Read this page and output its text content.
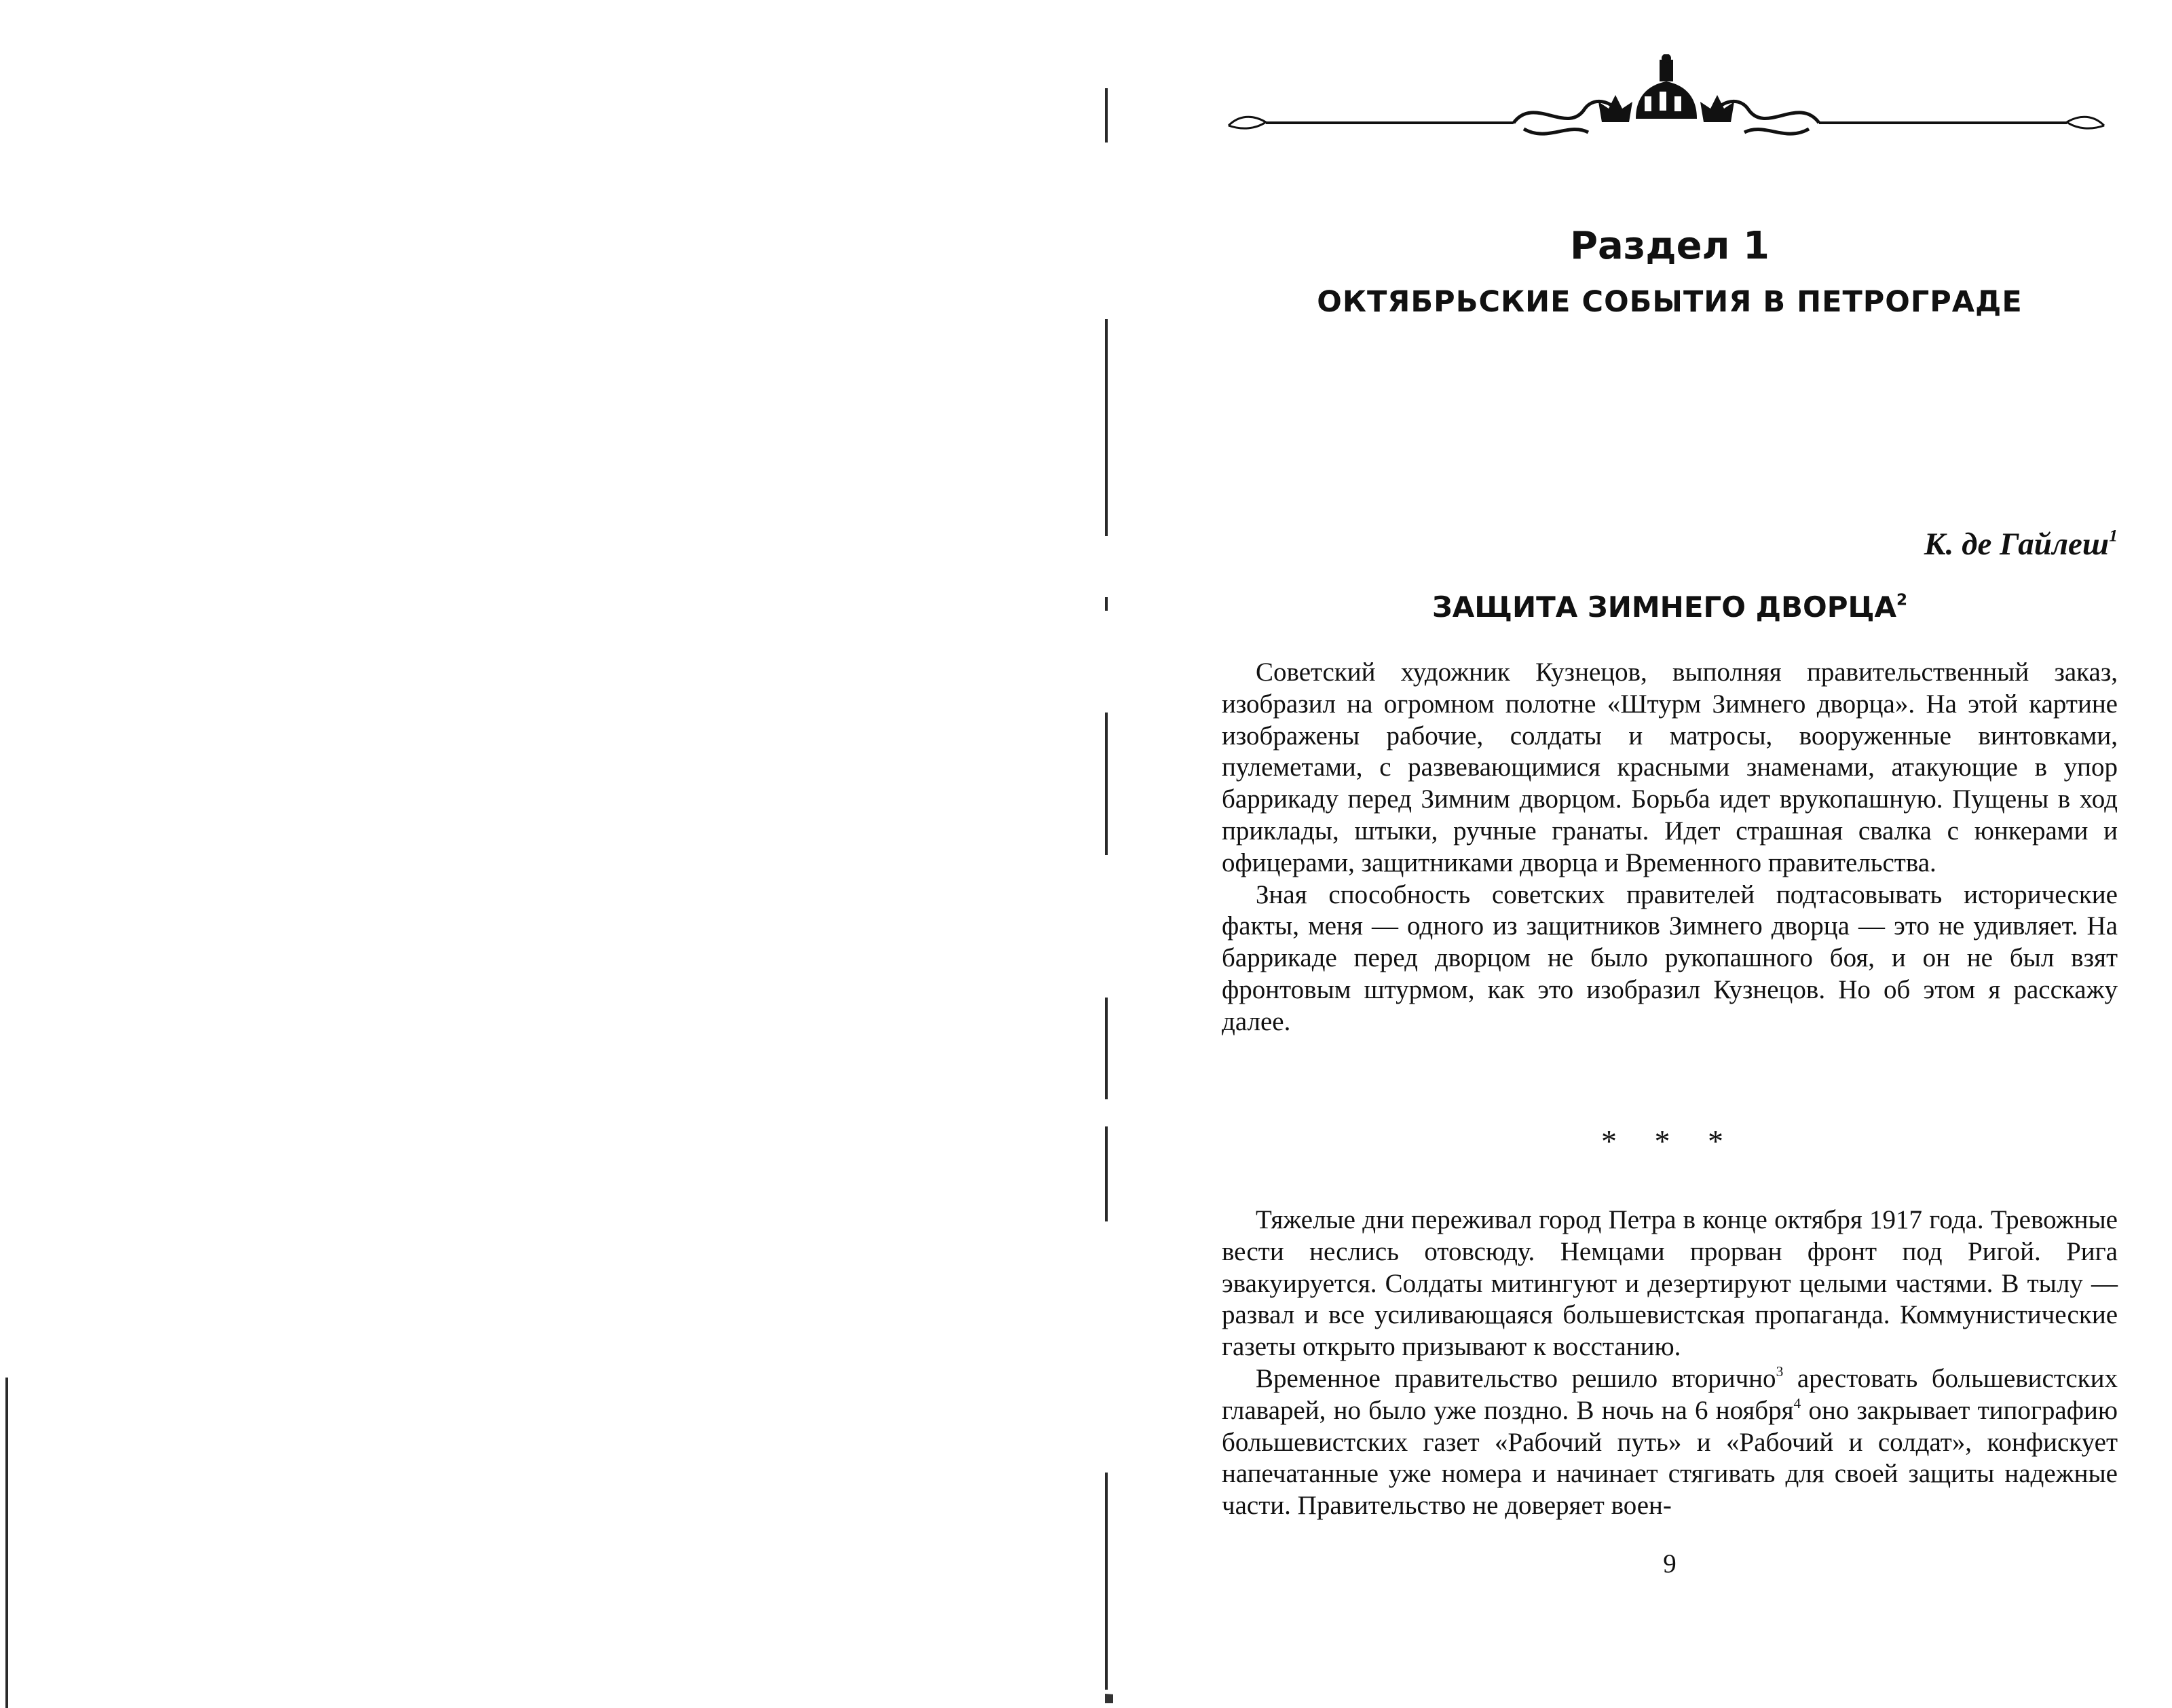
Раздел 1
ОКТЯБРЬСКИЕ СОБЫТИЯ В ПЕТРОГРАДЕ
К. де Гайлеш$^1$
ЗАЩИТА ЗИМНЕГО ДВОРЦА$^2$

Советский художник Кузнецов, выполняя правительственный заказ, изобразил на огромном полотне «Штурм Зимнего дворца». На этой картине изображены рабочие, солдаты и матросы, вооруженные винтовками, пулеметами, с развевающимися красными знаменами, атакующие в упор баррикаду перед Зимним дворцом. Борьба идет врукопашную. Пущены в ход приклады, штыки, ручные гранаты. Идет страшная свалка с юнкерами и офицерами, защитниками дворца и Временного правительства.

Зная способность советских правителей подтасовывать исторические факты, меня — одного из защитников Зимнего дворца — это не удивляет. На баррикаде перед дворцом не было рукопашного боя, и он не был взят фронтовым штурмом, как это изобразил Кузнецов. Но об этом я расскажу далее.

* * *

Тяжелые дни переживал город Петра в конце октября 1917 года. Тревожные вести неслись отовсюду. Немцами прорван фронт под Ригой. Рига эвакуируется. Солдаты митингуют и дезертируют целыми частями. В тылу — развал и все усиливающаяся большевистская пропаганда. Коммунистические газеты открыто призывают к восстанию.

Временное правительство решило вторично$^3$ арестовать большевистских главарей, но было уже поздно. В ночь на 6 ноября$^4$ оно закрывает типографию большевистских газет «Рабочий путь» и «Рабочий и солдат», конфискует напечатанные уже номера и начинает стягивать для своей защиты надежные части. Правительство не доверяет воен-

9
